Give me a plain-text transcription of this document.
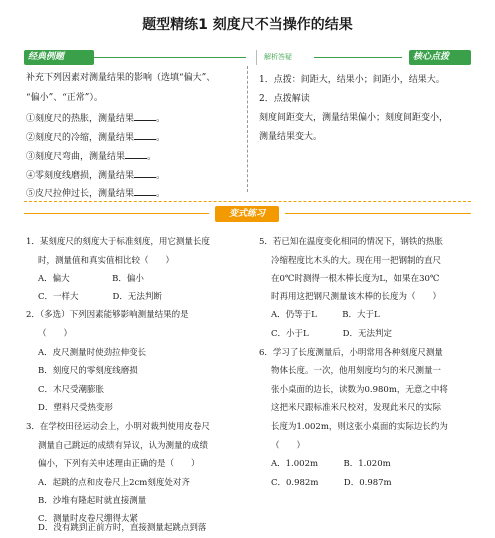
题型精练1 刻度尺不当操作的结果
经典例题	解析答疑	核心点拨
补充下列因素对测量结果的影响（选填“偏大”、
“偏小”、“正常”）。
①刻度尺的热胀，测量结果 。
②刻度尺的冷缩，测量结果 。
③刻度尺弯曲，测量结果 。
④零刻度线磨损，测量结果 。
⑤皮尺拉伸过长，测量结果 。
1．点拨：间距大，结果小；间距小，结果大。
2．点拨解读
刻度间距变大，测量结果偏小；刻度间距变小，
测量结果变大。
变式练习
1．某刻度尺的刻度大于标准刻度，用它测量长度
时，测量值和真实值相比较（　　）
A．偏大　　　　　B．偏小
C．一样大　　　　D．无法判断
2．（多选）下列因素能够影响测量结果的是
（　　）
A．皮尺测量时使劲拉伸变长
B．刻度尺的零刻度线磨损
C．木尺受潮膨胀
D．塑料尺受热变形
3．在学校田径运动会上，小明对裁判使用皮卷尺
测量自己跳远的成绩有异议，认为测量的成绩
偏小，下列有关申述理由正确的是（　　）
A．起跳的点和皮卷尺上2cm刻度处对齐
B．沙堆有隆起时就直接测量
C．测量时皮卷尺绷得太紧
D．没有跳到正前方时，直接测量起跳点到落
5．若已知在温度变化相同的情况下，钢铁的热胀
冷缩程度比木头的大。现在用一把钢制的直尺
在0℃时测得一根木棒长度为L，如果在30℃
时再用这把钢尺测量该木棒的长度为（　　）
A．仍等于L　　　B．大于L
C．小于L　　　　D．无法判定
6．学习了长度测量后，小明常用各种刻度尺测量
物体长度。一次，他用刻度均匀的米尺测量一
张小桌面的边长，读数为0.980m，无意之中将
这把米尺跟标准米尺校对，发现此米尺的实际
长度为1.002m，则这张小桌面的实际边长约为
（　　）
A．1.002m　　　B．1.020m
C．0.982m　　　D．0.987m
